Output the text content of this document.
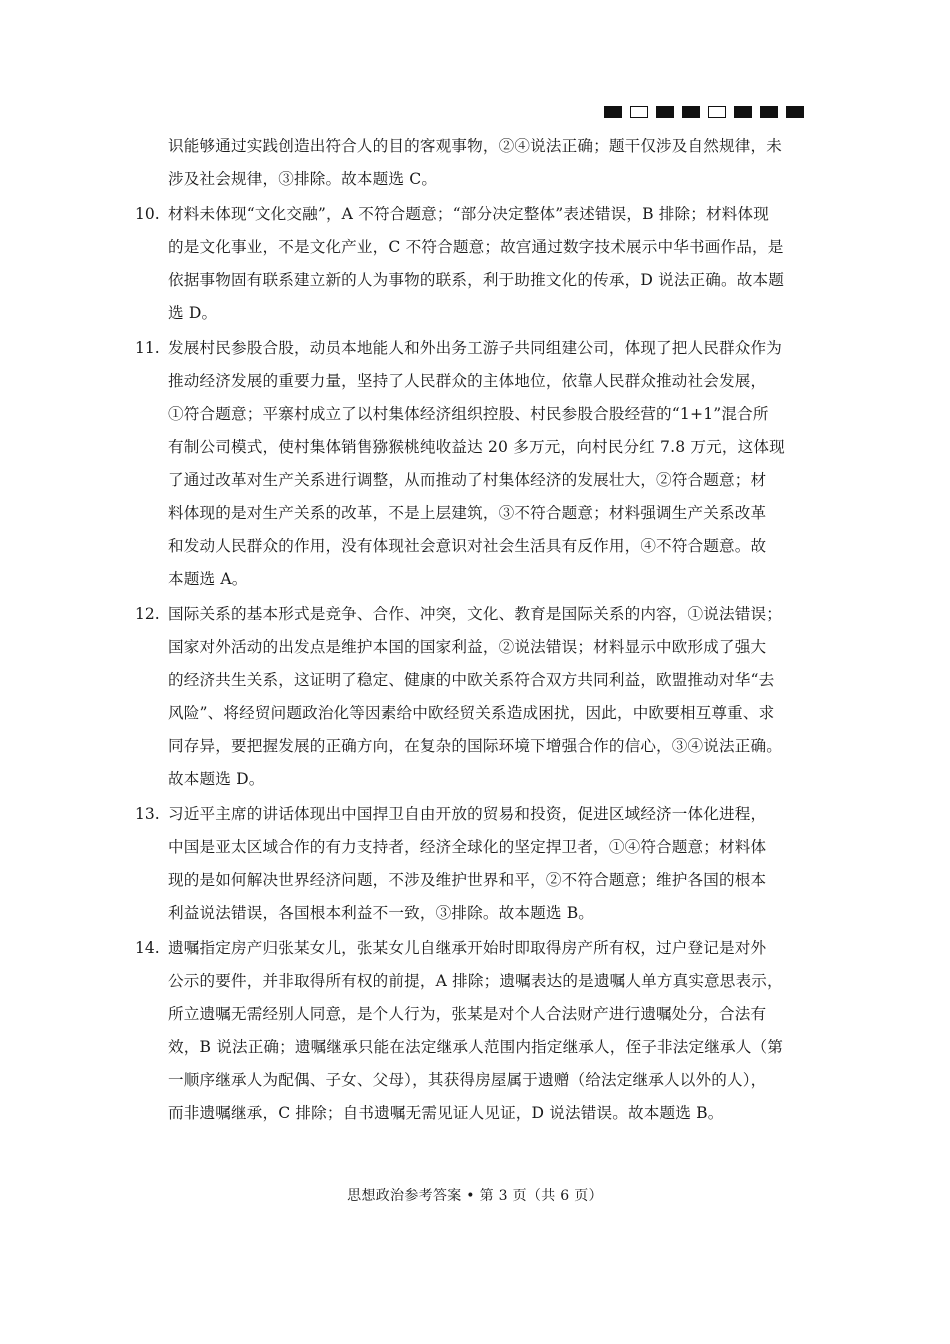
识能够通过实践创造出符合人的目的客观事物，②④说法正确；题干仅涉及自然规律，未
涉及社会规律，③排除。故本题选 C。
10. 材料未体现“文化交融”，A 不符合题意；“部分决定整体”表述错误，B 排除；材料体现
的是文化事业，不是文化产业，C 不符合题意；故宫通过数字技术展示中华书画作品，是
依据事物固有联系建立新的人为事物的联系，利于助推文化的传承，D 说法正确。故本题
选 D。
11. 发展村民参股合股，动员本地能人和外出务工游子共同组建公司，体现了把人民群众作为
推动经济发展的重要力量，坚持了人民群众的主体地位，依靠人民群众推动社会发展，
①符合题意；平寨村成立了以村集体经济组织控股、村民参股合股经营的“1+1”混合所
有制公司模式，使村集体销售猕猴桃纯收益达 20 多万元，向村民分红 7.8 万元，这体现
了通过改革对生产关系进行调整，从而推动了村集体经济的发展壮大，②符合题意；材
料体现的是对生产关系的改革，不是上层建筑，③不符合题意；材料强调生产关系改革
和发动人民群众的作用，没有体现社会意识对社会生活具有反作用，④不符合题意。故
本题选 A。
12. 国际关系的基本形式是竞争、合作、冲突，文化、教育是国际关系的内容，①说法错误；
国家对外活动的出发点是维护本国的国家利益，②说法错误；材料显示中欧形成了强大
的经济共生关系，这证明了稳定、健康的中欧关系符合双方共同利益，欧盟推动对华“去
风险”、将经贸问题政治化等因素给中欧经贸关系造成困扰，因此，中欧要相互尊重、求
同存异，要把握发展的正确方向，在复杂的国际环境下增强合作的信心，③④说法正确。
故本题选 D。
13. 习近平主席的讲话体现出中国捍卫自由开放的贸易和投资，促进区域经济一体化进程，
中国是亚太区域合作的有力支持者，经济全球化的坚定捍卫者，①④符合题意；材料体
现的是如何解决世界经济问题，不涉及维护世界和平，②不符合题意；维护各国的根本
利益说法错误，各国根本利益不一致，③排除。故本题选 B。
14. 遗嘱指定房产归张某女儿，张某女儿自继承开始时即取得房产所有权，过户登记是对外
公示的要件，并非取得所有权的前提，A 排除；遗嘱表达的是遗嘱人单方真实意思表示，
所立遗嘱无需经别人同意，是个人行为，张某是对个人合法财产进行遗嘱处分，合法有
效，B 说法正确；遗嘱继承只能在法定继承人范围内指定继承人，侄子非法定继承人（第
一顺序继承人为配偶、子女、父母），其获得房屋属于遗赠（给法定继承人以外的人），
而非遗嘱继承，C 排除；自书遗嘱无需见证人见证，D 说法错误。故本题选 B。
思想政治参考答案 • 第 3 页（共 6 页）
